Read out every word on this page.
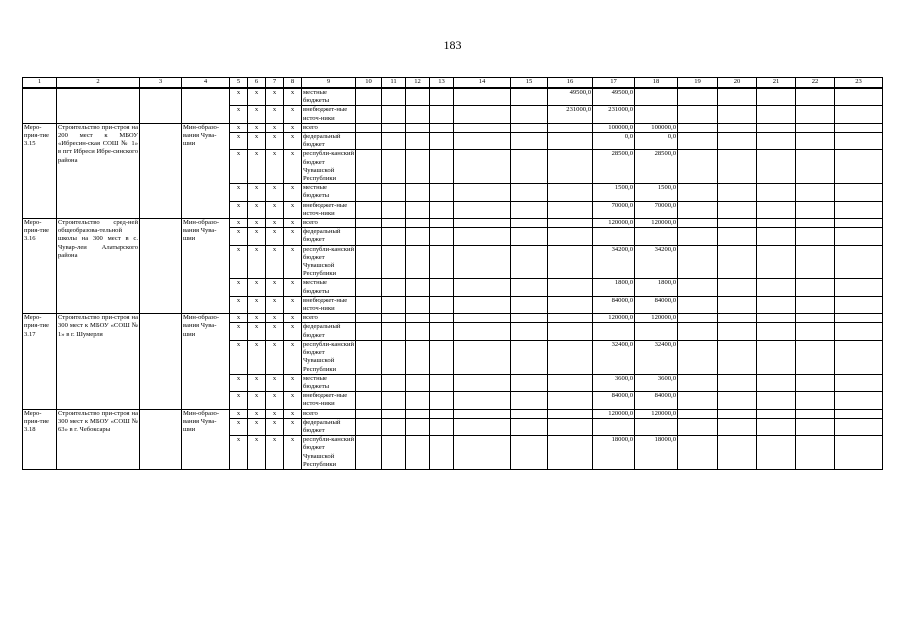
183
1	2	3	4	5	6	7	8	9	10	11	12	13	14	15	16	17	18	19	20	21	22	23
				x	x	x	x	местные бюджеты							49500,0	49500,0						
				x	x	x	x	внебюджет-ные источ-ники							231000,0	231000,0						
Меро-прия-тие 3.15	Строительство при-строя на 200 мест к МБОУ «Ибресин-ская СОШ № 1» в пгт Ибреси Ибре-синского района		Мин-образо-вания Чува-шии	x	x	x	x	всего								100000,0	100000,0					
				x	x	x	x	федеральный бюджет								0,0	0,0					
				x	x	x	x	республи-канский бюджет Чувашской Республики								28500,0	28500,0					
				x	x	x	x	местные бюджеты								1500,0	1500,0					
				x	x	x	x	внебюджет-ные источ-ники								70000,0	70000,0					
Меро-прия-тие 3.16	Строительство сред-ней общеобразова-тельной школы на 300 мест в с. Чувар-леи Алатырского района		Мин-образо-вания Чува-шии	x	x	x	x	всего								120000,0	120000,0					
				x	x	x	x	федеральный бюджет														
				x	x	x	x	республи-канский бюджет Чувашской Республики								34200,0	34200,0					
				x	x	x	x	местные бюджеты								1800,0	1800,0					
				x	x	x	x	внебюджет-ные источ-ники								84000,0	84000,0					
Меро-прия-тие 3.17	Строительство при-строя на 300 мест к МБОУ «СОШ № 1» в г. Шумерля		Мин-образо-вания Чува-шии	x	x	x	x	всего								120000,0	120000,0					
				x	x	x	x	федеральный бюджет														
				x	x	x	x	республи-канский бюджет Чувашской Республики								32400,0	32400,0					
				x	x	x	x	местные бюджеты								3600,0	3600,0					
				x	x	x	x	внебюджет-ные источ-ники								84000,0	84000,0					
Меро-прия-тие 3.18	Строительство при-строя на 300 мест к МБОУ «СОШ № 63» в г. Чебоксары		Мин-образо-вания Чува-шии	x	x	x	x	всего								120000,0	120000,0					
				x	x	x	x	федеральный бюджет														
				x	x	x	x	республи-канский бюджет Чувашской Республики								18000,0	18000,0					
